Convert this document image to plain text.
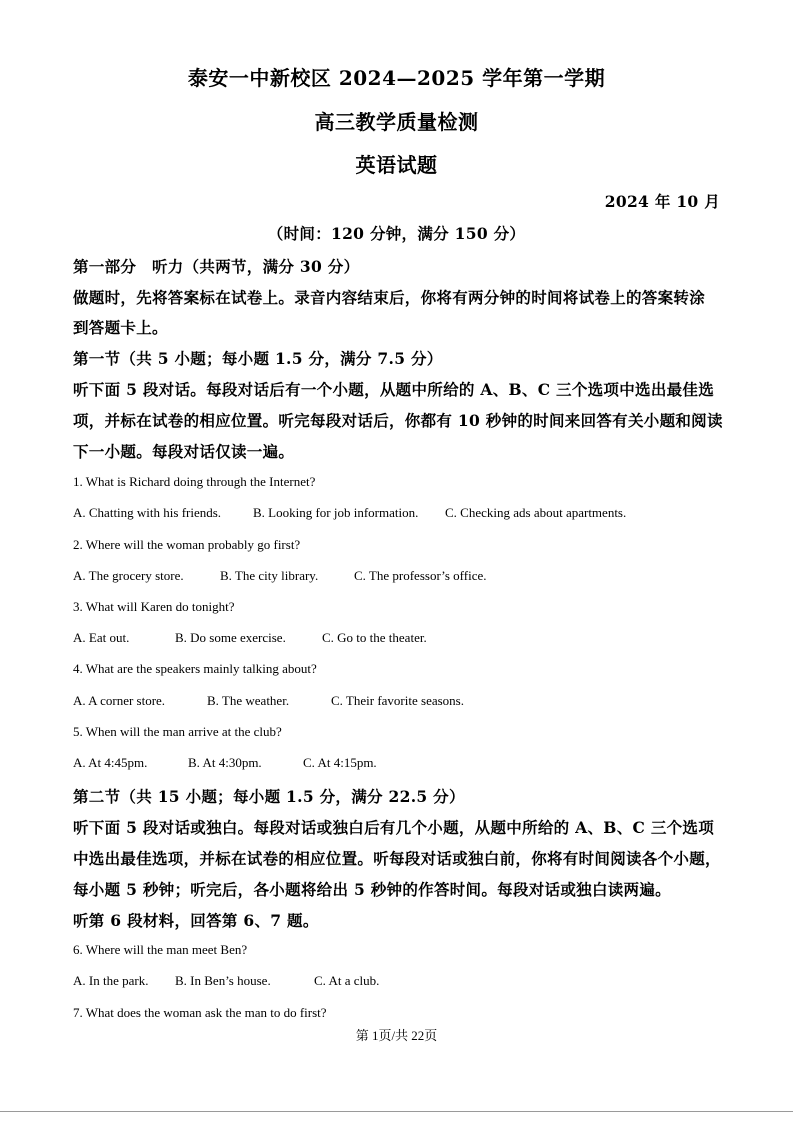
泰安一中新校区 2024—2025 学年第一学期
高三教学质量检测
英语试题
2024 年 10 月
（时间：120 分钟，满分 150 分）
第一部分　听力（共两节，满分 30 分）
做题时，先将答案标在试卷上。录音内容结束后，你将有两分钟的时间将试卷上的答案转涂
到答题卡上。
第一节（共 5 小题；每小题 1.5 分，满分 7.5 分）
听下面 5 段对话。每段对话后有一个小题，从题中所给的 A、B、C 三个选项中选出最佳选
项，并标在试卷的相应位置。听完每段对话后，你都有 10 秒钟的时间来回答有关小题和阅读
下一小题。每段对话仅读一遍。
1. What is Richard doing through the Internet?
A. Chatting with his friends. B. Looking for job information. C. Checking ads about apartments.
2. Where will the woman probably go first?
A. The grocery store.	B. The city library.	C. The professor’s office.
3. What will Karen do tonight?
A. Eat out.	B. Do some exercise.	C. Go to the theater.
4. What are the speakers mainly talking about?
A. A corner store.	B. The weather.	C. Their favorite seasons.
5. When will the man arrive at the club?
A. At 4:45pm.	B. At 4:30pm.	C. At 4:15pm.
第二节（共 15 小题；每小题 1.5 分，满分 22.5 分）
听下面 5 段对话或独白。每段对话或独白后有几个小题，从题中所给的 A、B、C 三个选项
中选出最佳选项，并标在试卷的相应位置。听每段对话或独白前，你将有时间阅读各个小题，
每小题 5 秒钟；听完后，各小题将给出 5 秒钟的作答时间。每段对话或独白读两遍。
听第 6 段材料，回答第 6、7 题。
6. Where will the man meet Ben?
A. In the park. B. In Ben’s house.	C. At a club.
7. What does the woman ask the man to do first?
第 1页/共 22页
